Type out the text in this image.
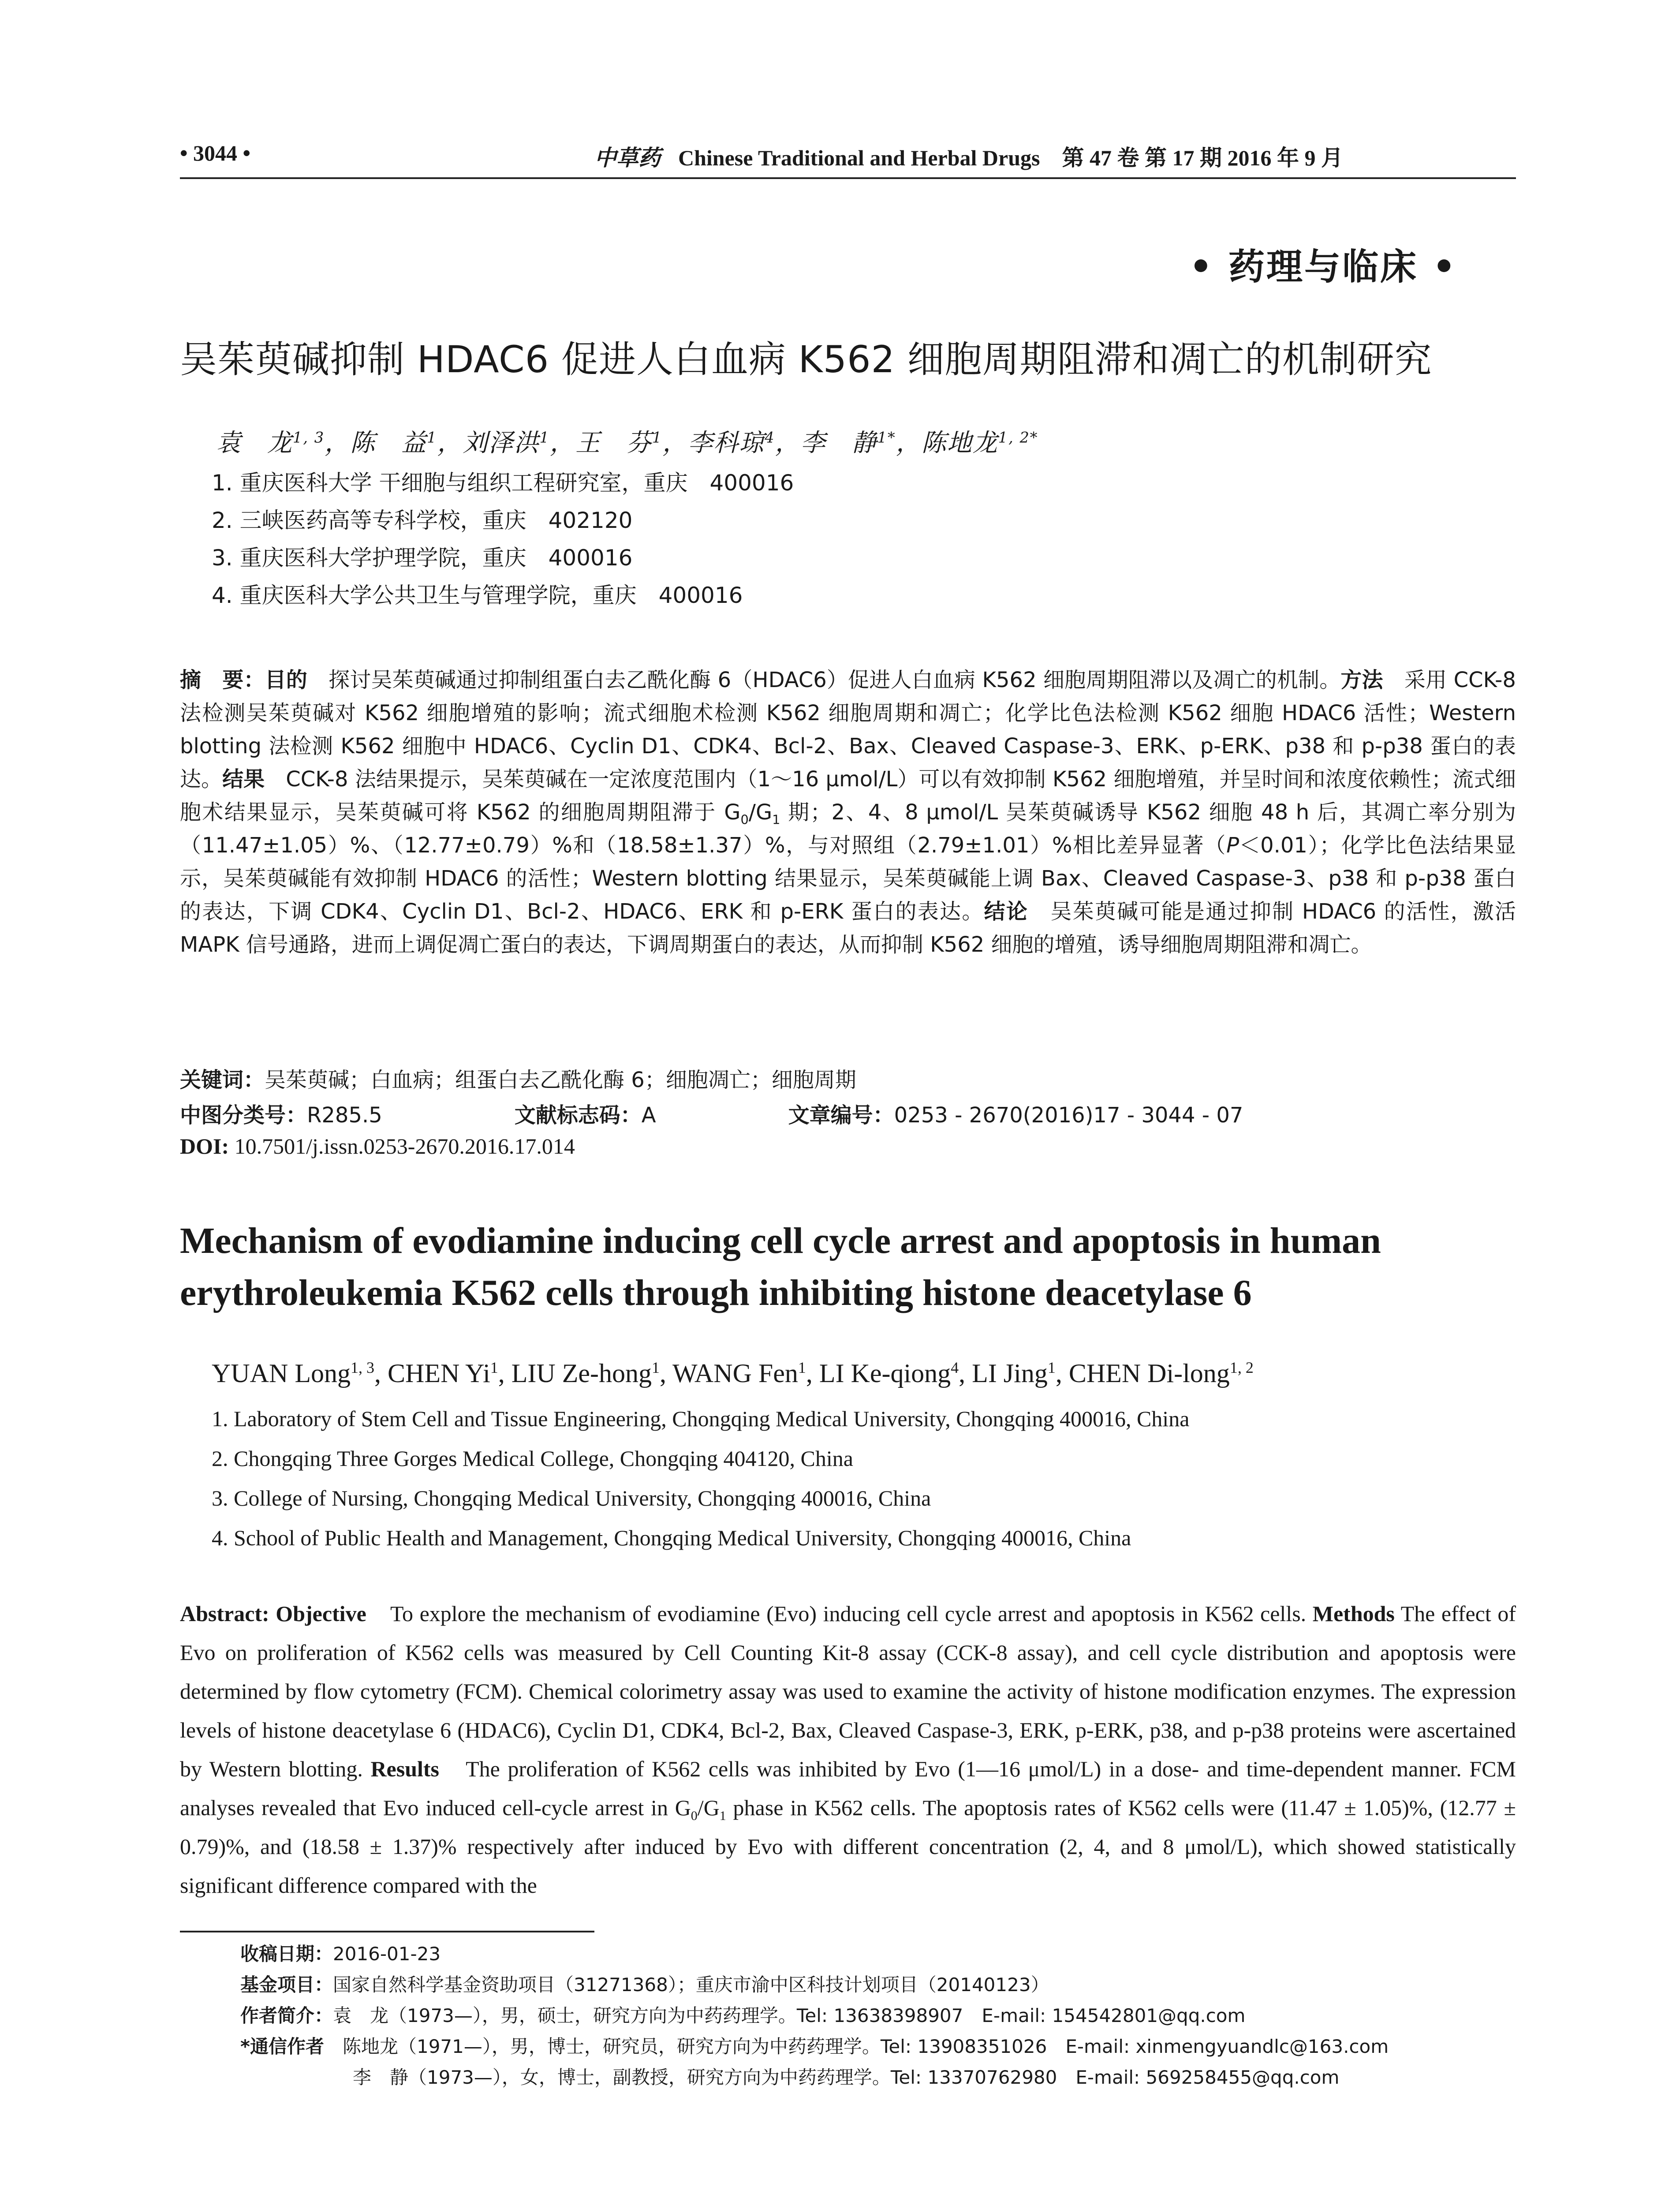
• 3044 •	中草药 Chinese Traditional and Herbal Drugs 第 47 卷 第 17 期 2016 年 9 月
• 药理与临床 •
吴茱萸碱抑制 HDAC6 促进人白血病 K562 细胞周期阻滞和凋亡的机制研究
袁　龙$^{1, 3}$，陈　益$^1$，刘泽洪$^1$，王　芬$^1$，李科琼$^4$，李　静$^{1*}$，陈地龙$^{1, 2*}$
1. 重庆医科大学 干细胞与组织工程研究室，重庆　400016
2. 三峡医药高等专科学校，重庆　402120
3. 重庆医科大学护理学院，重庆　400016
4. 重庆医科大学公共卫生与管理学院，重庆　400016
摘　要：目的　探讨吴茱萸碱通过抑制组蛋白去乙酰化酶 6（HDAC6）促进人白血病 K562 细胞周期阻滞以及凋亡的机制。方法　采用 CCK-8 法检测吴茱萸碱对 K562 细胞增殖的影响；流式细胞术检测 K562 细胞周期和凋亡；化学比色法检测 K562 细胞 HDAC6 活性；Western blotting 法检测 K562 细胞中 HDAC6、Cyclin D1、CDK4、Bcl-2、Bax、Cleaved Caspase-3、ERK、p-ERK、p38 和 p-p38 蛋白的表达。结果　CCK-8 法结果提示，吴茱萸碱在一定浓度范围内（1～16 μmol/L）可以有效抑制 K562 细胞增殖，并呈时间和浓度依赖性；流式细胞术结果显示，吴茱萸碱可将 K562 的细胞周期阻滞于 $G_0/G_1$ 期；2、4、8 μmol/L 吴茱萸碱诱导 K562 细胞 48 h 后，其凋亡率分别为（11.47±1.05）%、（12.77±0.79）%和（18.58±1.37）%，与对照组（2.79±1.01）%相比差异显著（P＜0.01）；化学比色法结果显示，吴茱萸碱能有效抑制 HDAC6 的活性；Western blotting 结果显示，吴茱萸碱能上调 Bax、Cleaved Caspase-3、p38 和 p-p38 蛋白的表达，下调 CDK4、Cyclin D1、Bcl-2、HDAC6、ERK 和 p-ERK 蛋白的表达。结论　吴茱萸碱可能是通过抑制 HDAC6 的活性，激活 MAPK 信号通路，进而上调促凋亡蛋白的表达，下调周期蛋白的表达，从而抑制 K562 细胞的增殖，诱导细胞周期阻滞和凋亡。
关键词：吴茱萸碱；白血病；组蛋白去乙酰化酶 6；细胞凋亡；细胞周期
中图分类号：R285.5	文献标志码：A	文章编号：0253 - 2670(2016)17 - 3044 - 07
DOI: 10.7501/j.issn.0253-2670.2016.17.014
Mechanism of evodiamine inducing cell cycle arrest and apoptosis in human erythroleukemia K562 cells through inhibiting histone deacetylase 6
YUAN Long$^{1, 3}$, CHEN Yi$^1$, LIU Ze-hong$^1$, WANG Fen$^1$, LI Ke-qiong$^4$, LI Jing$^1$, CHEN Di-long$^{1, 2}$
1. Laboratory of Stem Cell and Tissue Engineering, Chongqing Medical University, Chongqing 400016, China
2. Chongqing Three Gorges Medical College, Chongqing 404120, China
3. College of Nursing, Chongqing Medical University, Chongqing 400016, China
4. School of Public Health and Management, Chongqing Medical University, Chongqing 400016, China
Abstract: Objective　To explore the mechanism of evodiamine (Evo) inducing cell cycle arrest and apoptosis in K562 cells. Methods The effect of Evo on proliferation of K562 cells was measured by Cell Counting Kit-8 assay (CCK-8 assay), and cell cycle distribution and apoptosis were determined by flow cytometry (FCM). Chemical colorimetry assay was used to examine the activity of histone modification enzymes. The expression levels of histone deacetylase 6 (HDAC6), Cyclin D1, CDK4, Bcl-2, Bax, Cleaved Caspase-3, ERK, p-ERK, p38, and p-p38 proteins were ascertained by Western blotting. Results　The proliferation of K562 cells was inhibited by Evo (1—16 μmol/L) in a dose- and time-dependent manner. FCM analyses revealed that Evo induced cell-cycle arrest in $G_0/G_1$ phase in K562 cells. The apoptosis rates of K562 cells were (11.47 ± 1.05)%, (12.77 ± 0.79)%, and (18.58 ± 1.37)% respectively after induced by Evo with different concentration (2, 4, and 8 μmol/L), which showed statistically significant difference compared with the
收稿日期：2016-01-23
基金项目：国家自然科学基金资助项目（31271368）；重庆市渝中区科技计划项目（20140123）
作者简介：袁　龙（1973—），男，硕士，研究方向为中药药理学。Tel: 13638398907　E-mail: 154542801@qq.com
*通信作者　陈地龙（1971—），男，博士，研究员，研究方向为中药药理学。Tel: 13908351026　E-mail: xinmengyuandlc@163.com
李　静（1973—），女，博士，副教授，研究方向为中药药理学。Tel: 13370762980　E-mail: 569258455@qq.com
